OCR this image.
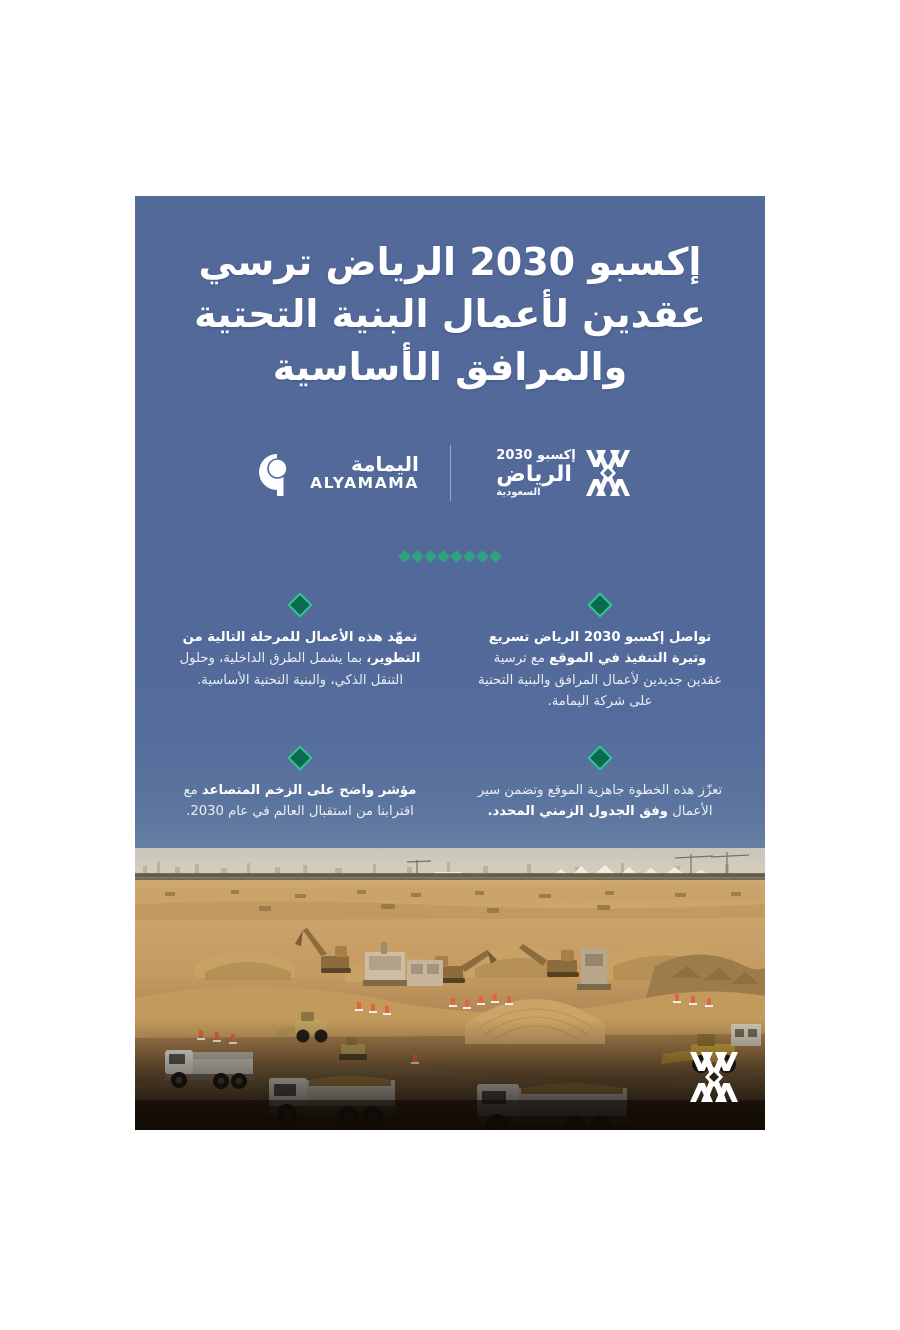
إكسبو 2030 الرياض ترسي عقدين لأعمال البنية التحتية والمرافق الأساسية
اليمامة
ALYAMAMA
إكسبو 2030
الرياض
السعودية

تواصل إكسبو 2030 الرياض تسريع وتيرة التنفيذ في الموقع مع ترسية عقدين جديدين لأعمال المرافق والبنية التحتية على شركة اليمامة.

تمهّد هذه الأعمال للمرحلة التالية من التطوير، بما يشمل الطرق الداخلية، وحلول التنقل الذكي، والبنية التحتية الأساسية.

تعزّز هذه الخطوة جاهزية الموقع وتضمن سير الأعمال وفق الجدول الزمني المحدد.

مؤشر واضح على الزخم المتصاعد مع اقترابنا من استقبال العالم في عام 2030.
